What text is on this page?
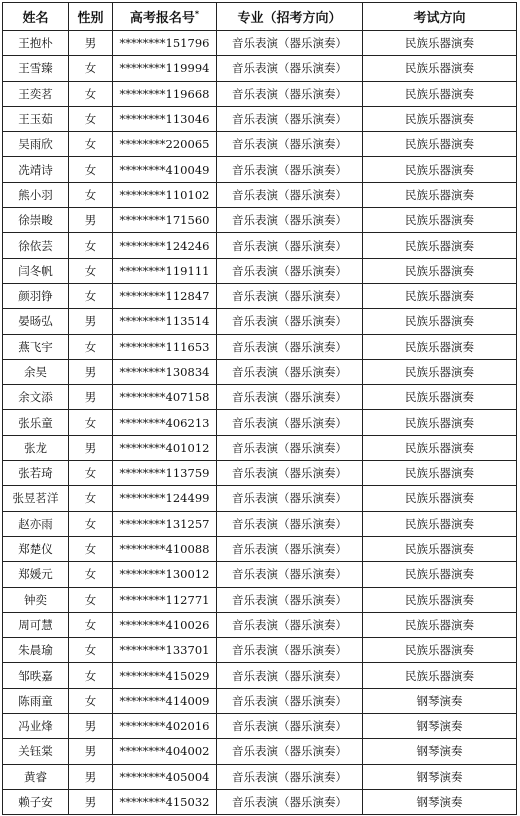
姓名	性别	高考报名号*	专业（招考方向）	考试方向
王抱朴	男	********151796	音乐表演（器乐演奏）	民族乐器演奏
王雪臻	女	********119994	音乐表演（器乐演奏）	民族乐器演奏
王奕茗	女	********119668	音乐表演（器乐演奏）	民族乐器演奏
王玉茹	女	********113046	音乐表演（器乐演奏）	民族乐器演奏
吴雨欣	女	********220065	音乐表演（器乐演奏）	民族乐器演奏
冼靖诗	女	********410049	音乐表演（器乐演奏）	民族乐器演奏
熊小羽	女	********110102	音乐表演（器乐演奏）	民族乐器演奏
徐崇畯	男	********171560	音乐表演（器乐演奏）	民族乐器演奏
徐依芸	女	********124246	音乐表演（器乐演奏）	民族乐器演奏
闫冬帆	女	********119111	音乐表演（器乐演奏）	民族乐器演奏
颜羽铮	女	********112847	音乐表演（器乐演奏）	民族乐器演奏
晏旸弘	男	********113514	音乐表演（器乐演奏）	民族乐器演奏
燕飞宇	女	********111653	音乐表演（器乐演奏）	民族乐器演奏
余昊	男	********130834	音乐表演（器乐演奏）	民族乐器演奏
余文添	男	********407158	音乐表演（器乐演奏）	民族乐器演奏
张乐童	女	********406213	音乐表演（器乐演奏）	民族乐器演奏
张龙	男	********401012	音乐表演（器乐演奏）	民族乐器演奏
张若琦	女	********113759	音乐表演（器乐演奏）	民族乐器演奏
张昱茗洋	女	********124499	音乐表演（器乐演奏）	民族乐器演奏
赵亦雨	女	********131257	音乐表演（器乐演奏）	民族乐器演奏
郑楚仪	女	********410088	音乐表演（器乐演奏）	民族乐器演奏
郑媛元	女	********130012	音乐表演（器乐演奏）	民族乐器演奏
钟奕	女	********112771	音乐表演（器乐演奏）	民族乐器演奏
周可慧	女	********410026	音乐表演（器乐演奏）	民族乐器演奏
朱晨瑜	女	********133701	音乐表演（器乐演奏）	民族乐器演奏
邹昳嘉	女	********415029	音乐表演（器乐演奏）	民族乐器演奏
陈雨童	女	********414009	音乐表演（器乐演奏）	钢琴演奏
冯业烽	男	********402016	音乐表演（器乐演奏）	钢琴演奏
关钰棠	男	********404002	音乐表演（器乐演奏）	钢琴演奏
黄睿	男	********405004	音乐表演（器乐演奏）	钢琴演奏
赖子安	男	********415032	音乐表演（器乐演奏）	钢琴演奏
